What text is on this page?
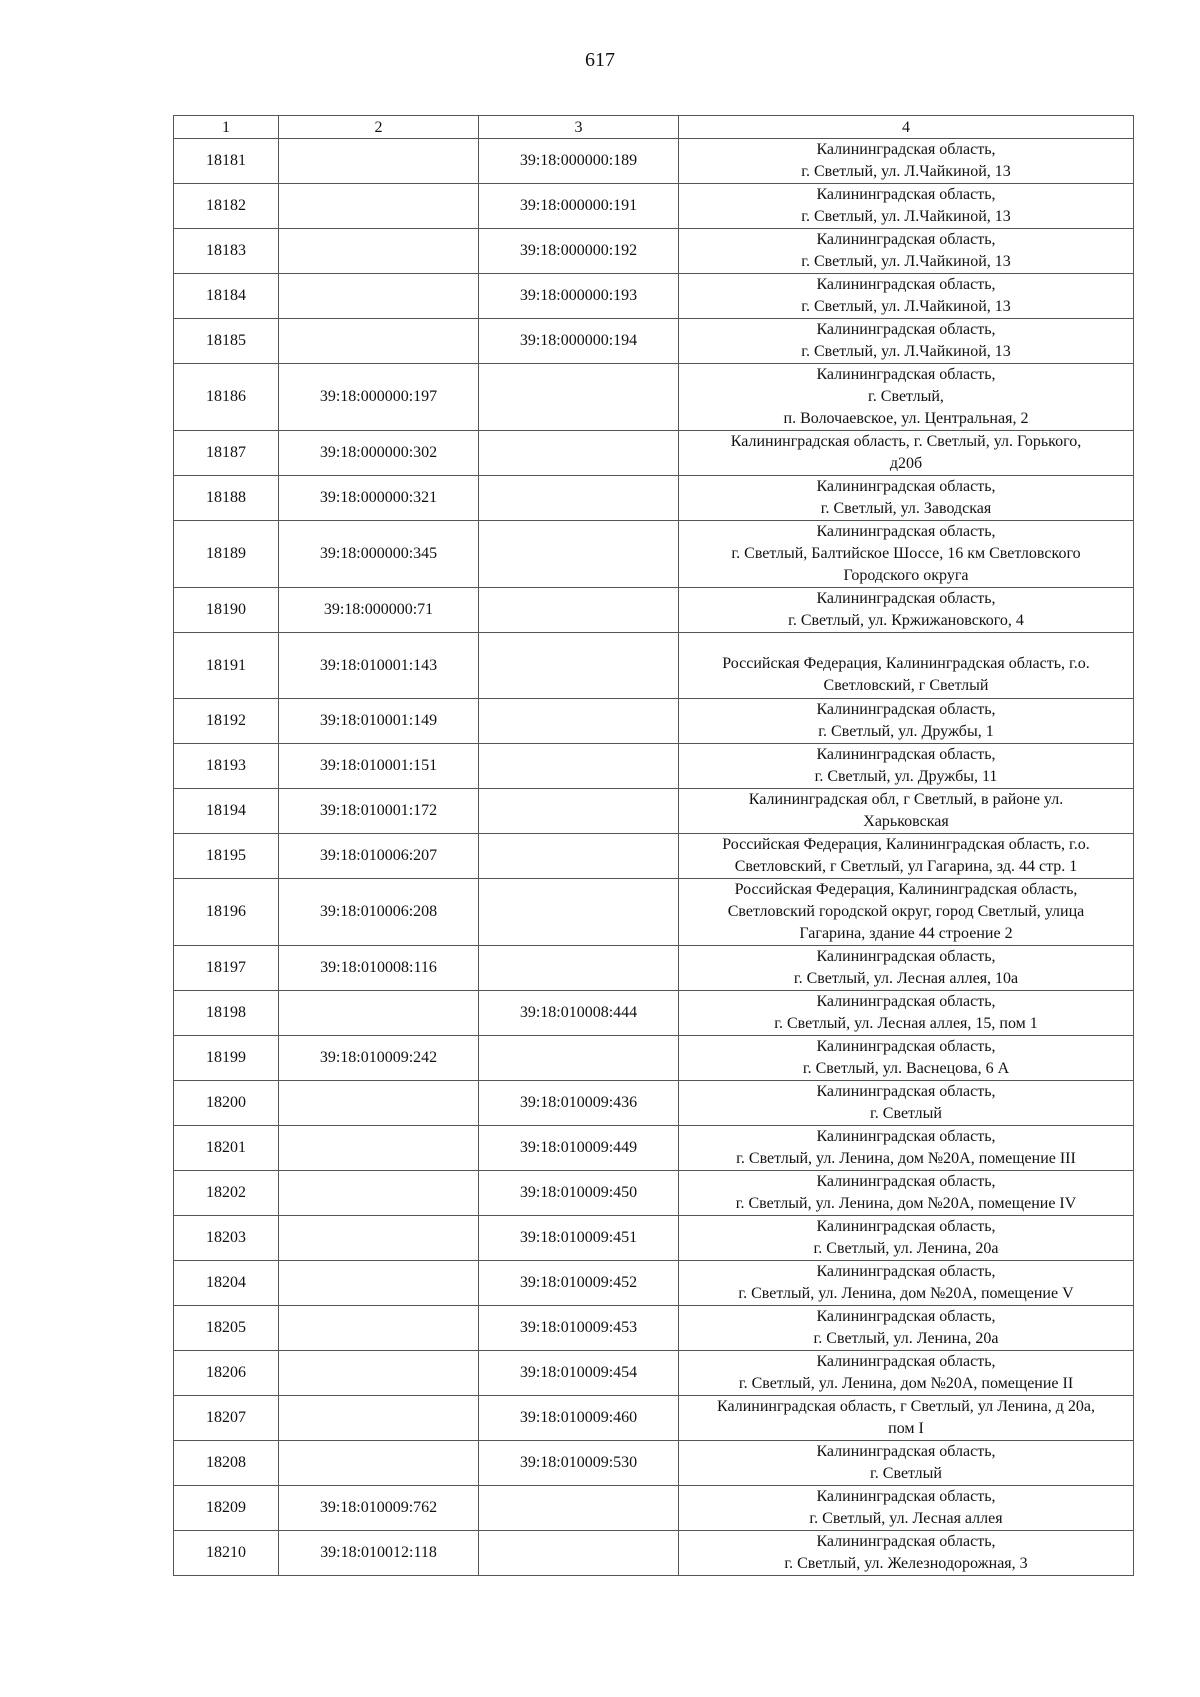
617
1	2	3	4
18181		39:18:000000:189	Калининградская область,
г. Светлый, ул. Л.Чайкиной, 13

18182		39:18:000000:191	Калининградская область,
г. Светлый, ул. Л.Чайкиной, 13

18183		39:18:000000:192	Калининградская область,
г. Светлый, ул. Л.Чайкиной, 13

18184		39:18:000000:193	Калининградская область,
г. Светлый, ул. Л.Чайкиной, 13

18185		39:18:000000:194	Калининградская область,
г. Светлый, ул. Л.Чайкиной, 13

18186	39:18:000000:197		Калининградская область,
г. Светлый,
п. Волочаевское, ул. Центральная, 2

18187	39:18:000000:302		Калининградская область, г. Светлый, ул. Горького,
д20б

18188	39:18:000000:321		Калининградская область,
г. Светлый, ул. Заводская

18189	39:18:000000:345		Калининградская область,
г. Светлый, Балтийское Шоссе, 16 км Светловского
Городского округа

18190	39:18:000000:71		Калининградская область,
г. Светлый, ул. Кржижановского, 4

18191	39:18:010001:143		Российская Федерация, Калининградская область, г.о.
Светловский, г Светлый

18192	39:18:010001:149		Калининградская область,
г. Светлый, ул. Дружбы, 1

18193	39:18:010001:151		Калининградская область,
г. Светлый, ул. Дружбы, 11

18194	39:18:010001:172		Калининградская обл, г Светлый, в районе ул.
Харьковская

18195	39:18:010006:207		Российская Федерация, Калининградская область, г.о.
Светловский, г Светлый, ул Гагарина, зд. 44 стр. 1

18196	39:18:010006:208		Российская Федерация, Калининградская область,
Светловский городской округ, город Светлый, улица
Гагарина, здание 44 строение 2

18197	39:18:010008:116		Калининградская область,
г. Светлый, ул. Лесная аллея, 10а

18198		39:18:010008:444	Калининградская область,
г. Светлый, ул. Лесная аллея, 15, пом 1

18199	39:18:010009:242		Калининградская область,
г. Светлый, ул. Васнецова, 6 А

18200		39:18:010009:436	Калининградская область,
г. Светлый

18201		39:18:010009:449	Калининградская область,
г. Светлый, ул. Ленина, дом №20А, помещение III

18202		39:18:010009:450	Калининградская область,
г. Светлый, ул. Ленина, дом №20А, помещение IV

18203		39:18:010009:451	Калининградская область,
г. Светлый, ул. Ленина, 20а

18204		39:18:010009:452	Калининградская область,
г. Светлый, ул. Ленина, дом №20А, помещение V

18205		39:18:010009:453	Калининградская область,
г. Светлый, ул. Ленина, 20а

18206		39:18:010009:454	Калининградская область,
г. Светлый, ул. Ленина, дом №20А, помещение II

18207		39:18:010009:460	Калининградская область, г Светлый, ул Ленина, д 20а,
пом I

18208		39:18:010009:530	Калининградская область,
г. Светлый

18209	39:18:010009:762		Калининградская область,
г. Светлый, ул. Лесная аллея

18210	39:18:010012:118		Калининградская область,
г. Светлый, ул. Железнодорожная, 3
